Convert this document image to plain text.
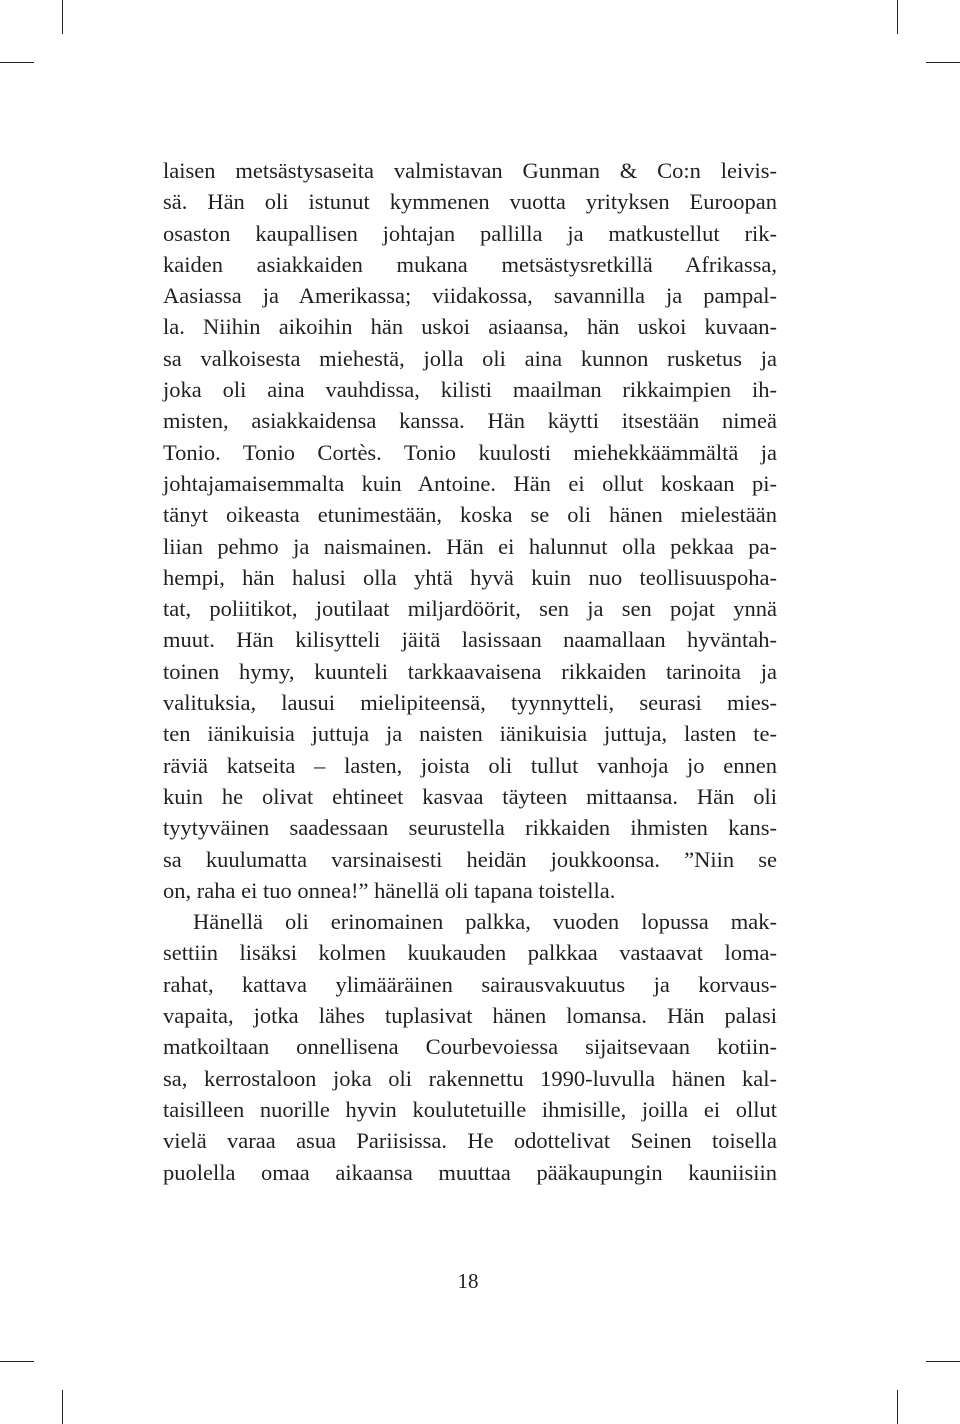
laisen metsästysaseita valmistavan Gunman & Co:n leivis-
sä. Hän oli istunut kymmenen vuotta yrityksen Euroopan
osaston kaupallisen johtajan pallilla ja matkustellut rik-
kaiden asiakkaiden mukana metsästysretkillä Afrikassa,
Aasiassa ja Amerikassa; viidakossa, savannilla ja pampal-
la. Niihin aikoihin hän uskoi asiaansa, hän uskoi kuvaan-
sa valkoisesta miehestä, jolla oli aina kunnon rusketus ja
joka oli aina vauhdissa, kilisti maailman rikkaimpien ih-
misten, asiakkaidensa kanssa. Hän käytti itsestään nimeä
Tonio. Tonio Cortès. Tonio kuulosti miehekkäämmältä ja
johtajamaisemmalta kuin Antoine. Hän ei ollut koskaan pi-
tänyt oikeasta etunimestään, koska se oli hänen mielestään
liian pehmo ja naismainen. Hän ei halunnut olla pekkaa pa-
hempi, hän halusi olla yhtä hyvä kuin nuo teollisuuspoha-
tat, poliitikot, joutilaat miljardöörit, sen ja sen pojat ynnä
muut. Hän kilisytteli jäitä lasissaan naamallaan hyväntah-
toinen hymy, kuunteli tarkkaavaisena rikkaiden tarinoita ja
valituksia, lausui mielipiteensä, tyynnytteli, seurasi mies-
ten iänikuisia juttuja ja naisten iänikuisia juttuja, lasten te-
räviä katseita – lasten, joista oli tullut vanhoja jo ennen
kuin he olivat ehtineet kasvaa täyteen mittaansa. Hän oli
tyytyväinen saadessaan seurustella rikkaiden ihmisten kans-
sa kuulumatta varsinaisesti heidän joukkoonsa. ”Niin se
on, raha ei tuo onnea!” hänellä oli tapana toistella.
Hänellä oli erinomainen palkka, vuoden lopussa mak-
settiin lisäksi kolmen kuukauden palkkaa vastaavat loma-
rahat, kattava ylimääräinen sairausvakuutus ja korvaus-
vapaita, jotka lähes tuplasivat hänen lomansa. Hän palasi
matkoiltaan onnellisena Courbevoiessa sijaitsevaan kotiin-
sa, kerrostaloon joka oli rakennettu 1990-luvulla hänen kal-
taisilleen nuorille hyvin koulutetuille ihmisille, joilla ei ollut
vielä varaa asua Pariisissa. He odottelivat Seinen toisella
puolella omaa aikaansa muuttaa pääkaupungin kauniisiin
18
